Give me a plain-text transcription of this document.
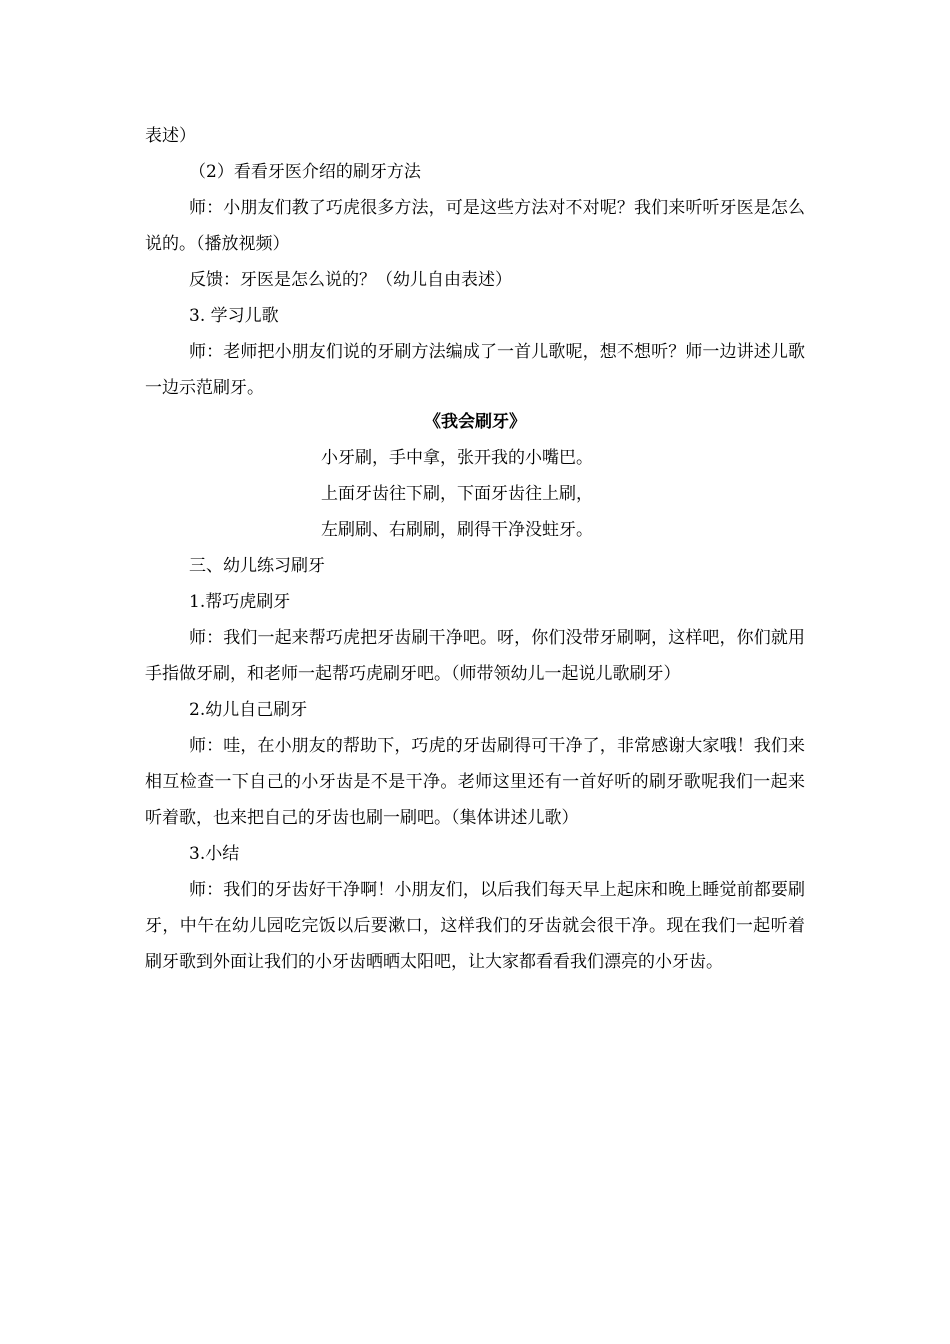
表述）
（2）看看牙医介绍的刷牙方法
师：小朋友们教了巧虎很多方法，可是这些方法对不对呢？我们来听听牙医是怎么说的。（播放视频）
反馈：牙医是怎么说的？（幼儿自由表述）
3. 学习儿歌
师：老师把小朋友们说的牙刷方法编成了一首儿歌呢，想不想听？师一边讲述儿歌一边示范刷牙。
《我会刷牙》
小牙刷，手中拿，张开我的小嘴巴。
上面牙齿往下刷，下面牙齿往上刷，
左刷刷、右刷刷，刷得干净没蛀牙。
三、幼儿练习刷牙
1.帮巧虎刷牙
师：我们一起来帮巧虎把牙齿刷干净吧。呀，你们没带牙刷啊，这样吧，你们就用手指做牙刷，和老师一起帮巧虎刷牙吧。（师带领幼儿一起说儿歌刷牙）
2.幼儿自己刷牙
师：哇，在小朋友的帮助下，巧虎的牙齿刷得可干净了，非常感谢大家哦！我们来相互检查一下自己的小牙齿是不是干净。老师这里还有一首好听的刷牙歌呢我们一起来听着歌，也来把自己的牙齿也刷一刷吧。（集体讲述儿歌）
3.小结
师：我们的牙齿好干净啊！小朋友们，以后我们每天早上起床和晚上睡觉前都要刷牙，中午在幼儿园吃完饭以后要漱口，这样我们的牙齿就会很干净。现在我们一起听着刷牙歌到外面让我们的小牙齿晒晒太阳吧，让大家都看看我们漂亮的小牙齿。
